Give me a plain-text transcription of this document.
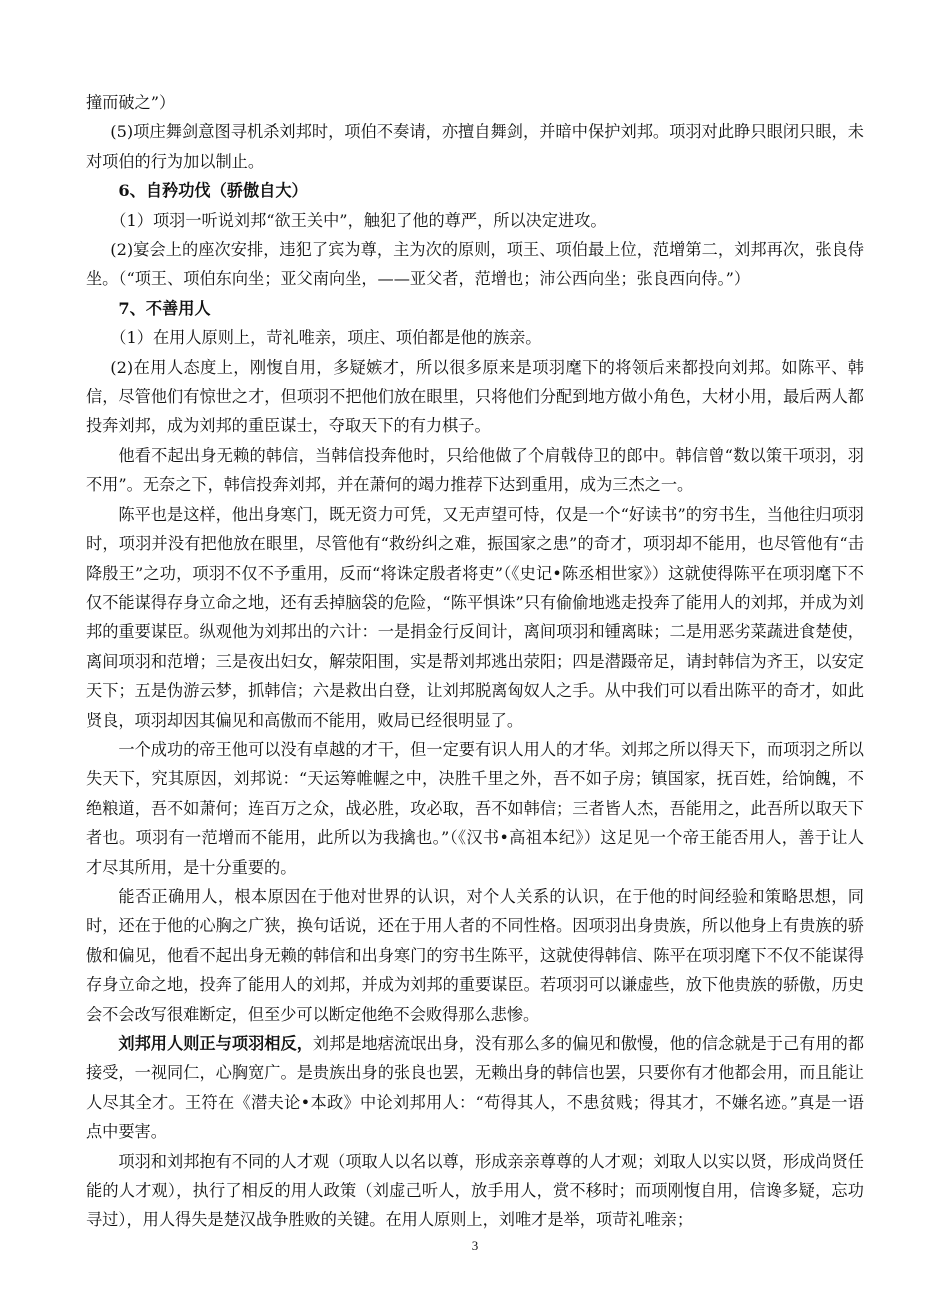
撞而破之”）

(5)项庄舞剑意图寻机杀刘邦时，项伯不奏请，亦擅自舞剑，并暗中保护刘邦。项羽对此睁只眼闭只眼，未对项伯的行为加以制止。

6、自矜功伐（骄傲自大）

（1）项羽一听说刘邦“欲王关中”，触犯了他的尊严，所以决定进攻。

(2)宴会上的座次安排，违犯了宾为尊，主为次的原则，项王、项伯最上位，范增第二，刘邦再次，张良侍坐。（“项王、项伯东向坐；亚父南向坐，——亚父者，范增也；沛公西向坐；张良西向侍。”）

7、不善用人

（1）在用人原则上，苛礼唯亲，项庄、项伯都是他的族亲。

(2)在用人态度上，刚愎自用，多疑嫉才，所以很多原来是项羽麾下的将领后来都投向刘邦。如陈平、韩信，尽管他们有惊世之才，但项羽不把他们放在眼里，只将他们分配到地方做小角色，大材小用，最后两人都投奔刘邦，成为刘邦的重臣谋士，夺取天下的有力棋子。

他看不起出身无赖的韩信，当韩信投奔他时，只给他做了个肩戟侍卫的郎中。韩信曾“数以策干项羽，羽不用”。无奈之下，韩信投奔刘邦，并在萧何的竭力推荐下达到重用，成为三杰之一。

陈平也是这样，他出身寒门，既无资力可凭，又无声望可恃，仅是一个“好读书”的穷书生，当他往归项羽时，项羽并没有把他放在眼里，尽管他有“救纷纠之难，振国家之患”的奇才，项羽却不能用，也尽管他有“击降殷王”之功，项羽不仅不予重用，反而“将诛定殷者将吏”（《史记•陈丞相世家》）这就使得陈平在项羽麾下不仅不能谋得存身立命之地，还有丢掉脑袋的危险，“陈平惧诛”只有偷偷地逃走投奔了能用人的刘邦，并成为刘邦的重要谋臣。纵观他为刘邦出的六计：一是捐金行反间计，离间项羽和锺离昧；二是用恶劣菜蔬进食楚使，离间项羽和范增；三是夜出妇女，解荥阳围，实是帮刘邦逃出荥阳；四是潜蹑帝足，请封韩信为齐王，以安定天下；五是伪游云梦，抓韩信；六是救出白登，让刘邦脱离匈奴人之手。从中我们可以看出陈平的奇才，如此贤良，项羽却因其偏见和高傲而不能用，败局已经很明显了。

一个成功的帝王他可以没有卓越的才干，但一定要有识人用人的才华。刘邦之所以得天下，而项羽之所以失天下，究其原因，刘邦说：“天运筹帷幄之中，决胜千里之外，吾不如子房；镇国家，抚百姓，给饷餽，不绝粮道，吾不如萧何；连百万之众，战必胜，攻必取，吾不如韩信；三者皆人杰，吾能用之，此吾所以取天下者也。项羽有一范增而不能用，此所以为我擒也。”（《汉书•高祖本纪》）这足见一个帝王能否用人，善于让人才尽其所用，是十分重要的。

能否正确用人，根本原因在于他对世界的认识，对个人关系的认识，在于他的时间经验和策略思想，同时，还在于他的心胸之广狭，换句话说，还在于用人者的不同性格。因项羽出身贵族，所以他身上有贵族的骄傲和偏见，他看不起出身无赖的韩信和出身寒门的穷书生陈平，这就使得韩信、陈平在项羽麾下不仅不能谋得存身立命之地，投奔了能用人的刘邦，并成为刘邦的重要谋臣。若项羽可以谦虚些，放下他贵族的骄傲，历史会不会改写很难断定，但至少可以断定他绝不会败得那么悲惨。

刘邦用人则正与项羽相反，刘邦是地痞流氓出身，没有那么多的偏见和傲慢，他的信念就是于己有用的都接受，一视同仁，心胸宽广。是贵族出身的张良也罢，无赖出身的韩信也罢，只要你有才他都会用，而且能让人尽其全才。王符在《潜夫论•本政》中论刘邦用人：“苟得其人，不患贫贱；得其才，不嫌名迹。”真是一语点中要害。

项羽和刘邦抱有不同的人才观（项取人以名以尊，形成亲亲尊尊的人才观；刘取人以实以贤，形成尚贤任能的人才观），执行了相反的用人政策（刘虚己听人，放手用人，赏不移时；而项刚愎自用，信谗多疑，忘功寻过），用人得失是楚汉战争胜败的关键。在用人原则上，刘唯才是举，项苛礼唯亲；

3
